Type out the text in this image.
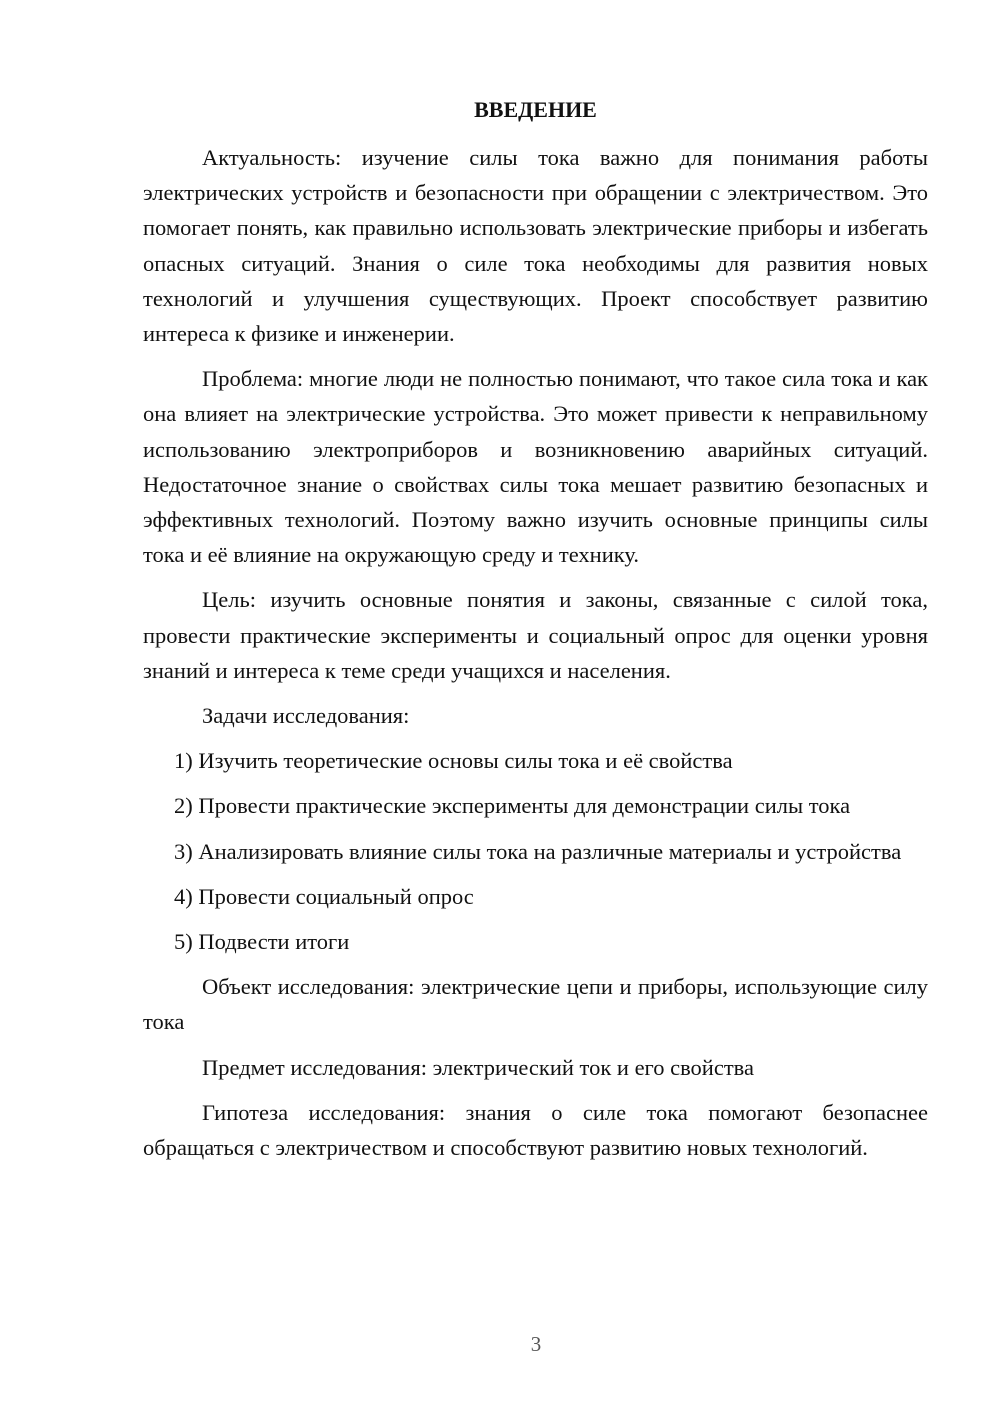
ВВЕДЕНИЕ

Актуальность: изучение силы тока важно для понимания работы электрических устройств и безопасности при обращении с электричеством. Это помогает понять, как правильно использовать электрические приборы и избегать опасных ситуаций. Знания о силе тока необходимы для развития новых технологий и улучшения существующих. Проект способствует развитию интереса к физике и инженерии.

Проблема: многие люди не полностью понимают, что такое сила тока и как она влияет на электрические устройства. Это может привести к неправильному использованию электроприборов и возникновению аварийных ситуаций. Недостаточное знание о свойствах силы тока мешает развитию безопасных и эффективных технологий. Поэтому важно изучить основные принципы силы тока и её влияние на окружающую среду и технику.

Цель: изучить основные понятия и законы, связанные с силой тока, провести практические эксперименты и социальный опрос для оценки уровня знаний и интереса к теме среди учащихся и населения.

Задачи исследования:

1) Изучить теоретические основы силы тока и её свойства

2) Провести практические эксперименты для демонстрации силы тока

3) Анализировать влияние силы тока на различные материалы и устройства

4) Провести социальный опрос

5) Подвести итоги

Объект исследования: электрические цепи и приборы, использующие силу тока

Предмет исследования: электрический ток и его свойства

Гипотеза исследования: знания о силе тока помогают безопаснее обращаться с электричеством и способствуют развитию новых технологий.

3
